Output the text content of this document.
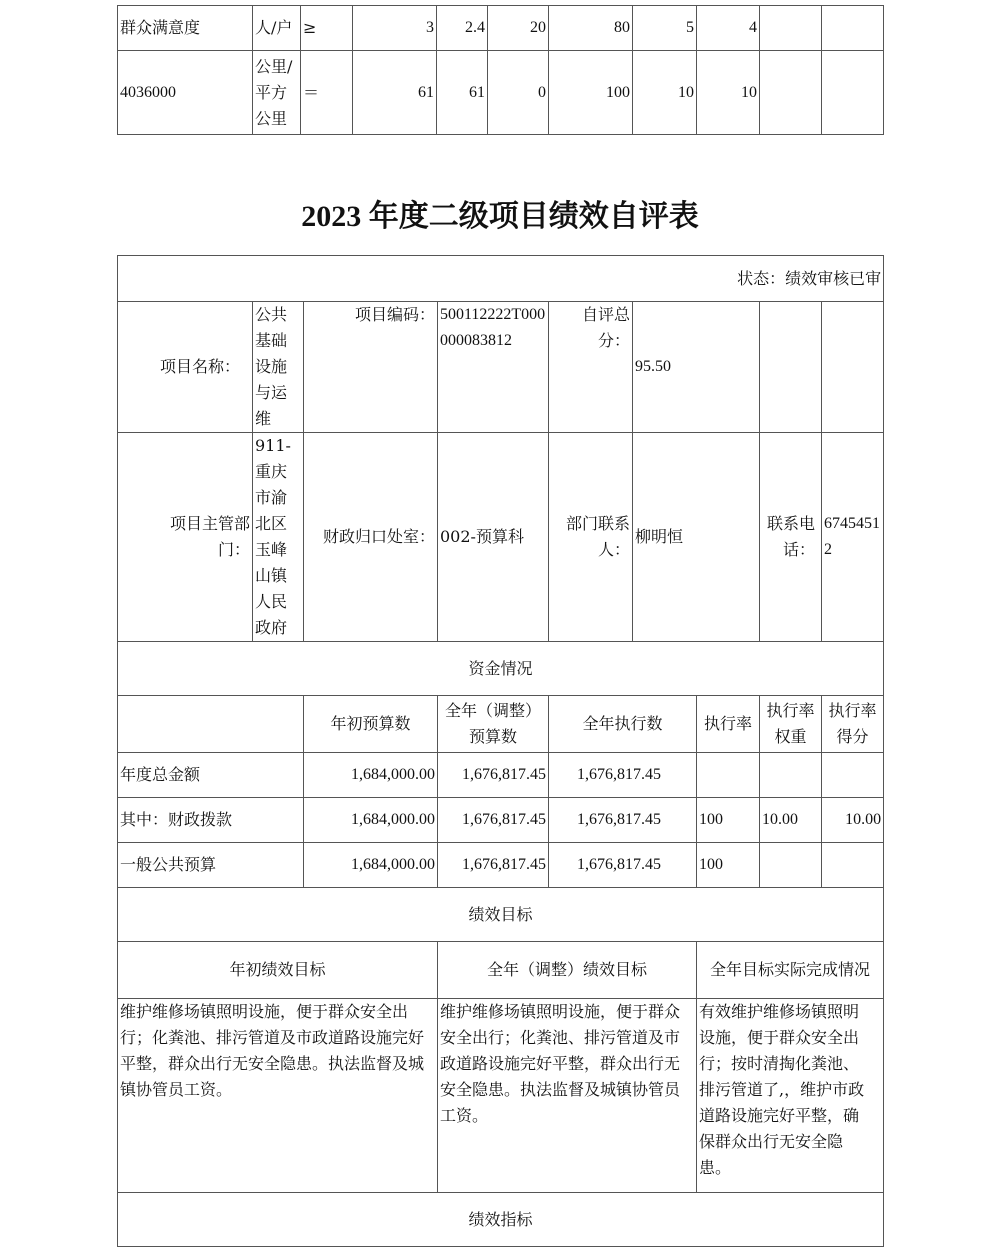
群众满意度	人/户	≥	3	2.4	20	80	5	4		
4036000	公里/平方公里	＝	61	61	0	100	10	10		
2023 年度二级项目绩效自评表
状态：绩效审核已审								
项目名称：	公共基础设施与运维	项目编码：	500112222T000000083812	自评总分：	95.50			
项目主管部门：	911-重庆市渝北区玉峰山镇人民政府	财政归口处室：	002-预算科	部门联系人：	柳明恒		联系电话：	67454512
资金情况								
		年初预算数	全年（调整）预算数	全年执行数		执行率	执行率权重	执行率得分
年度总金额		1,684,000.00	1,676,817.45	1,676,817.45				
其中：财政拨款		1,684,000.00	1,676,817.45	1,676,817.45		100	10.00	10.00
一般公共预算		1,684,000.00	1,676,817.45	1,676,817.45		100		
绩效目标								
年初绩效目标			全年（调整）绩效目标			全年目标实际完成情况		
维护维修场镇照明设施，便于群众安全出行；化粪池、排污管道及市政道路设施完好平整，群众出行无安全隐患。执法监督及城镇协管员工资。			维护维修场镇照明设施，便于群众安全出行；化粪池、排污管道及市政道路设施完好平整，群众出行无安全隐患。执法监督及城镇协管员工资。			有效维护维修场镇照明设施，便于群众安全出行；按时清掏化粪池、排污管道了,，维护市政道路设施完好平整，确保群众出行无安全隐患。		
绩效指标								
